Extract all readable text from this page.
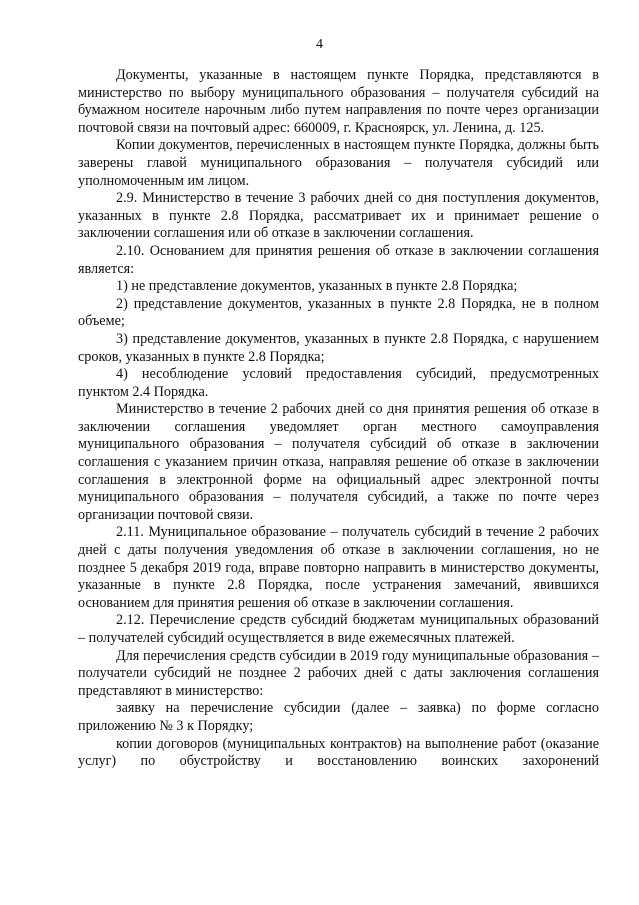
4

Документы, указанные в настоящем пункте Порядка, представляются в министерство по выбору муниципального образования – получателя субсидий на бумажном носителе нарочным либо путем направления по почте через организации почтовой связи на почтовый адрес: 660009, г. Красноярск, ул. Ленина, д. 125.

Копии документов, перечисленных в настоящем пункте Порядка, должны быть заверены главой муниципального образования – получателя субсидий или уполномоченным им лицом.

2.9. Министерство в течение 3 рабочих дней со дня поступления документов, указанных в пункте 2.8 Порядка, рассматривает их и принимает решение о заключении соглашения или об отказе в заключении соглашения.

2.10. Основанием для принятия решения об отказе в заключении соглашения является:

1) не представление документов, указанных в пункте 2.8 Порядка;

2) представление документов, указанных в пункте 2.8 Порядка, не в полном объеме;

3) представление документов, указанных в пункте 2.8 Порядка, с нарушением сроков, указанных в пункте 2.8 Порядка;

4) несоблюдение условий предоставления субсидий, предусмотренных пунктом 2.4 Порядка.

Министерство в течение 2 рабочих дней со дня принятия решения об отказе в заключении соглашения уведомляет орган местного самоуправления муниципального образования – получателя субсидий об отказе в заключении соглашения с указанием причин отказа, направляя решение об отказе в заключении соглашения в электронной форме на официальный адрес электронной почты муниципального образования – получателя субсидий, а также по почте через организации почтовой связи.

2.11. Муниципальное образование – получатель субсидий в течение 2 рабочих дней с даты получения уведомления об отказе в заключении соглашения, но не позднее 5 декабря 2019 года, вправе повторно направить в министерство документы, указанные в пункте 2.8 Порядка, после устранения замечаний, явившихся основанием для принятия решения об отказе в заключении соглашения.

2.12. Перечисление средств субсидий бюджетам муниципальных образований – получателей субсидий осуществляется в виде ежемесячных платежей.

Для перечисления средств субсидии в 2019 году муниципальные образования – получатели субсидий не позднее 2 рабочих дней с даты заключения соглашения представляют в министерство:

заявку на перечисление субсидии (далее – заявка) по форме согласно приложению № 3 к Порядку;

копии договоров (муниципальных контрактов) на выполнение работ (оказание услуг) по обустройству и восстановлению воинских захоронений
